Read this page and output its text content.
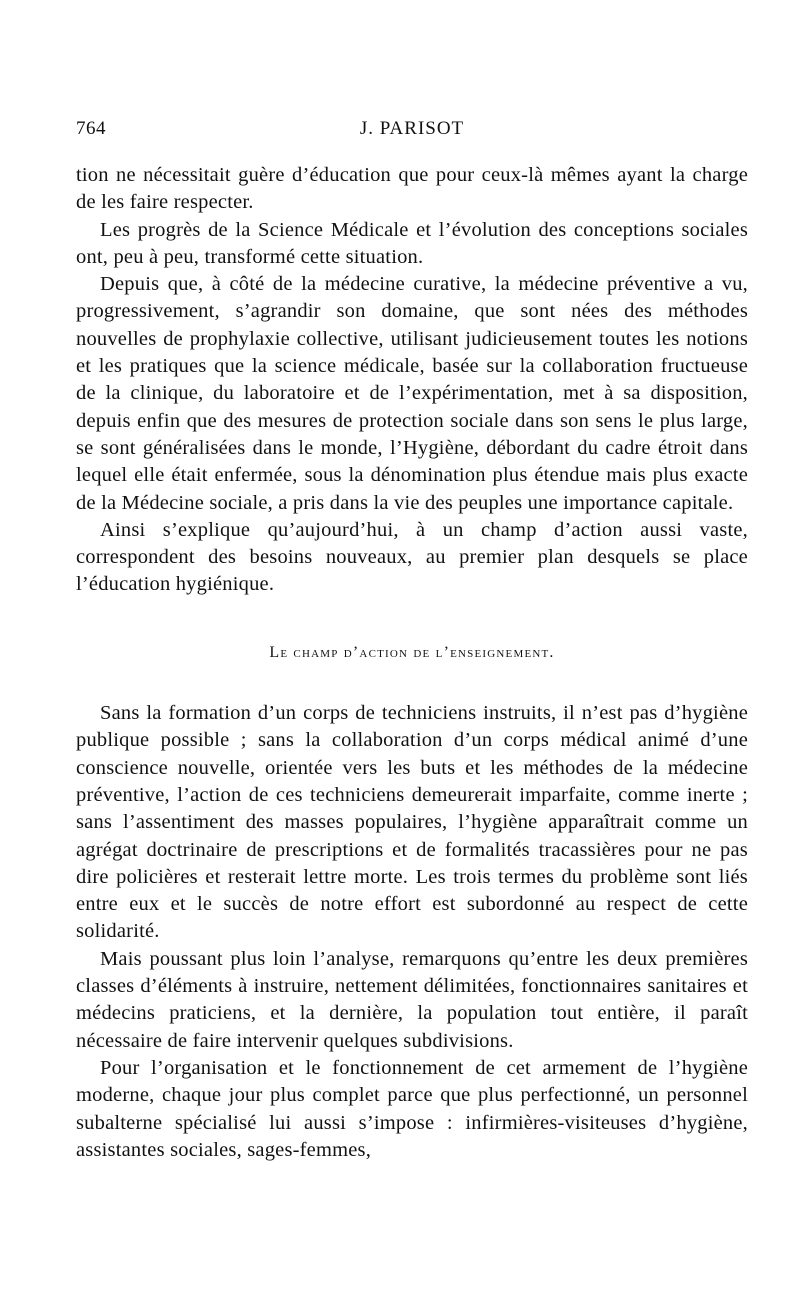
764	J. PARISOT

tion ne nécessitait guère d’éducation que pour ceux-là mêmes ayant la charge de les faire respecter.

Les progrès de la Science Médicale et l’évolution des conceptions sociales ont, peu à peu, transformé cette situation.

Depuis que, à côté de la médecine curative, la médecine préventive a vu, progressivement, s’agrandir son domaine, que sont nées des méthodes nouvelles de prophylaxie collective, utilisant judicieusement toutes les notions et les pratiques que la science médicale, basée sur la collaboration fructueuse de la clinique, du laboratoire et de l’expérimentation, met à sa disposition, depuis enfin que des mesures de protection sociale dans son sens le plus large, se sont généralisées dans le monde, l’Hygiène, débordant du cadre étroit dans lequel elle était enfermée, sous la dénomination plus étendue mais plus exacte de la Médecine sociale, a pris dans la vie des peuples une importance capitale.

Ainsi s’explique qu’aujourd’hui, à un champ d’action aussi vaste, correspondent des besoins nouveaux, au premier plan desquels se place l’éducation hygiénique.

Le champ d’action de l’enseignement.

Sans la formation d’un corps de techniciens instruits, il n’est pas d’hygiène publique possible ; sans la collaboration d’un corps médical animé d’une conscience nouvelle, orientée vers les buts et les méthodes de la médecine préventive, l’action de ces techniciens demeurerait imparfaite, comme inerte ; sans l’assentiment des masses populaires, l’hygiène apparaîtrait comme un agrégat doctrinaire de prescriptions et de formalités tracassières pour ne pas dire policières et resterait lettre morte. Les trois termes du problème sont liés entre eux et le succès de notre effort est subordonné au respect de cette solidarité.

Mais poussant plus loin l’analyse, remarquons qu’entre les deux premières classes d’éléments à instruire, nettement délimitées, fonctionnaires sanitaires et médecins praticiens, et la dernière, la population tout entière, il paraît nécessaire de faire intervenir quelques subdivisions.

Pour l’organisation et le fonctionnement de cet armement de l’hygiène moderne, chaque jour plus complet parce que plus perfectionné, un personnel subalterne spécialisé lui aussi s’impose : infirmières-visiteuses d’hygiène, assistantes sociales, sages-femmes,
